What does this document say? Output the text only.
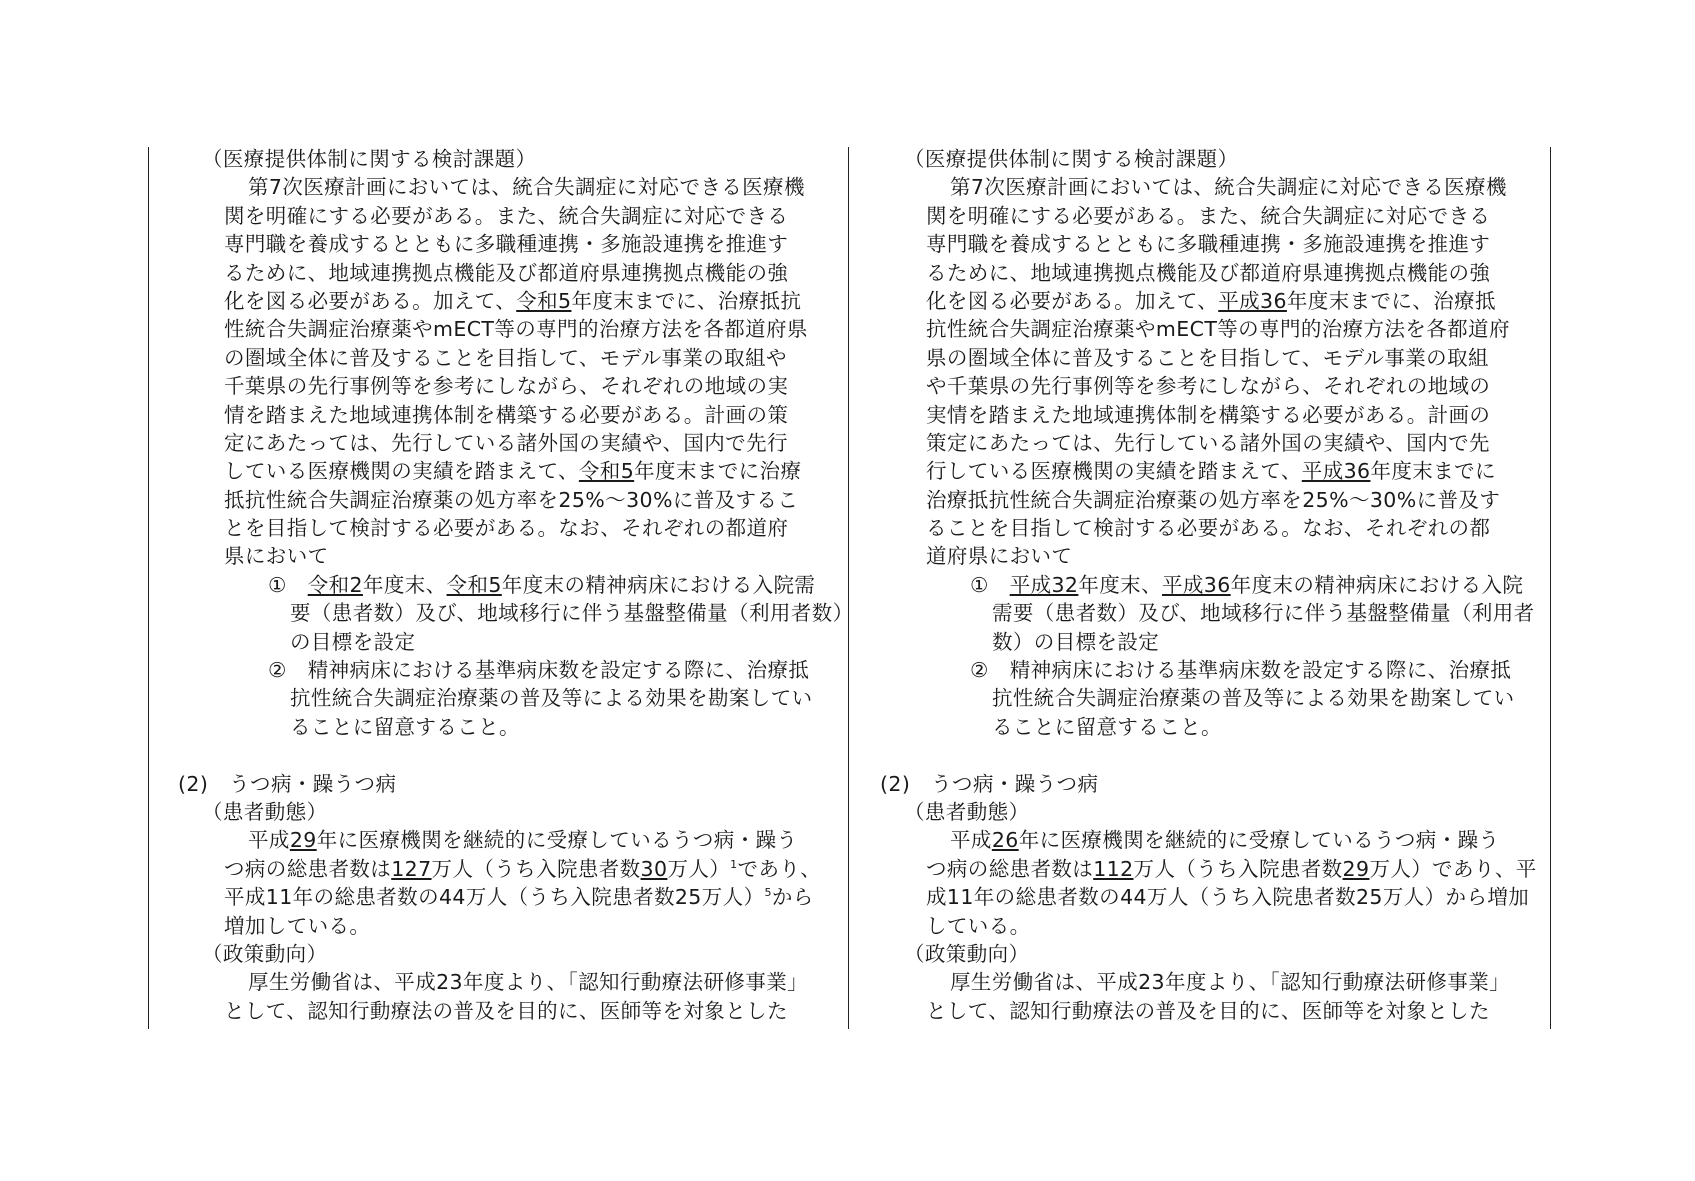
（医療提供体制に関する検討課題）
第7次医療計画においては、統合失調症に対応できる医療機
関を明確にする必要がある。また、統合失調症に対応できる
専門職を養成するとともに多職種連携・多施設連携を推進す
るために、地域連携拠点機能及び都道府県連携拠点機能の強
化を図る必要がある。加えて、令和5年度末までに、治療抵抗
性統合失調症治療薬やmECT等の専門的治療方法を各都道府県
の圏域全体に普及することを目指して、モデル事業の取組や
千葉県の先行事例等を参考にしながら、それぞれの地域の実
情を踏まえた地域連携体制を構築する必要がある。計画の策
定にあたっては、先行している諸外国の実績や、国内で先行
している医療機関の実績を踏まえて、令和5年度末までに治療
抵抗性統合失調症治療薬の処方率を25%～30%に普及するこ
とを目指して検討する必要がある。なお、それぞれの都道府
県において
①　 令和2年度末、令和5年度末の精神病床における入院需
要（患者数）及び、地域移行に伴う基盤整備量（利用者数）
の目標を設定
②　 精神病床における基準病床数を設定する際に、治療抵
抗性統合失調症治療薬の普及等による効果を勘案してい
ることに留意すること。
(2)　うつ病・躁うつ病
（患者動態）
平成29年に医療機関を継続的に受療しているうつ病・躁う
つ病の総患者数は127万人（うち入院患者数30万人）$^1$であり、
平成11年の総患者数の44万人（うち入院患者数25万人）$^5$から
増加している。
（政策動向）
厚生労働省は、平成23年度より、「認知行動療法研修事業」
として、認知行動療法の普及を目的に、医師等を対象とした
（医療提供体制に関する検討課題）
第7次医療計画においては、統合失調症に対応できる医療機
関を明確にする必要がある。また、統合失調症に対応できる
専門職を養成するとともに多職種連携・多施設連携を推進す
るために、地域連携拠点機能及び都道府県連携拠点機能の強
化を図る必要がある。加えて、平成36年度末までに、治療抵
抗性統合失調症治療薬やmECT等の専門的治療方法を各都道府
県の圏域全体に普及することを目指して、モデル事業の取組
や千葉県の先行事例等を参考にしながら、それぞれの地域の
実情を踏まえた地域連携体制を構築する必要がある。計画の
策定にあたっては、先行している諸外国の実績や、国内で先
行している医療機関の実績を踏まえて、平成36年度末までに
治療抵抗性統合失調症治療薬の処方率を25%～30%に普及す
ることを目指して検討する必要がある。なお、それぞれの都
道府県において
①　 平成32年度末、平成36年度末の精神病床における入院
需要（患者数）及び、地域移行に伴う基盤整備量（利用者
数）の目標を設定
②　 精神病床における基準病床数を設定する際に、治療抵
抗性統合失調症治療薬の普及等による効果を勘案してい
ることに留意すること。
(2)　うつ病・躁うつ病
（患者動態）
平成26年に医療機関を継続的に受療しているうつ病・躁う
つ病の総患者数は112万人（うち入院患者数29万人）であり、平
成11年の総患者数の44万人（うち入院患者数25万人）から増加
している。
（政策動向）
厚生労働省は、平成23年度より、「認知行動療法研修事業」
として、認知行動療法の普及を目的に、医師等を対象とした
